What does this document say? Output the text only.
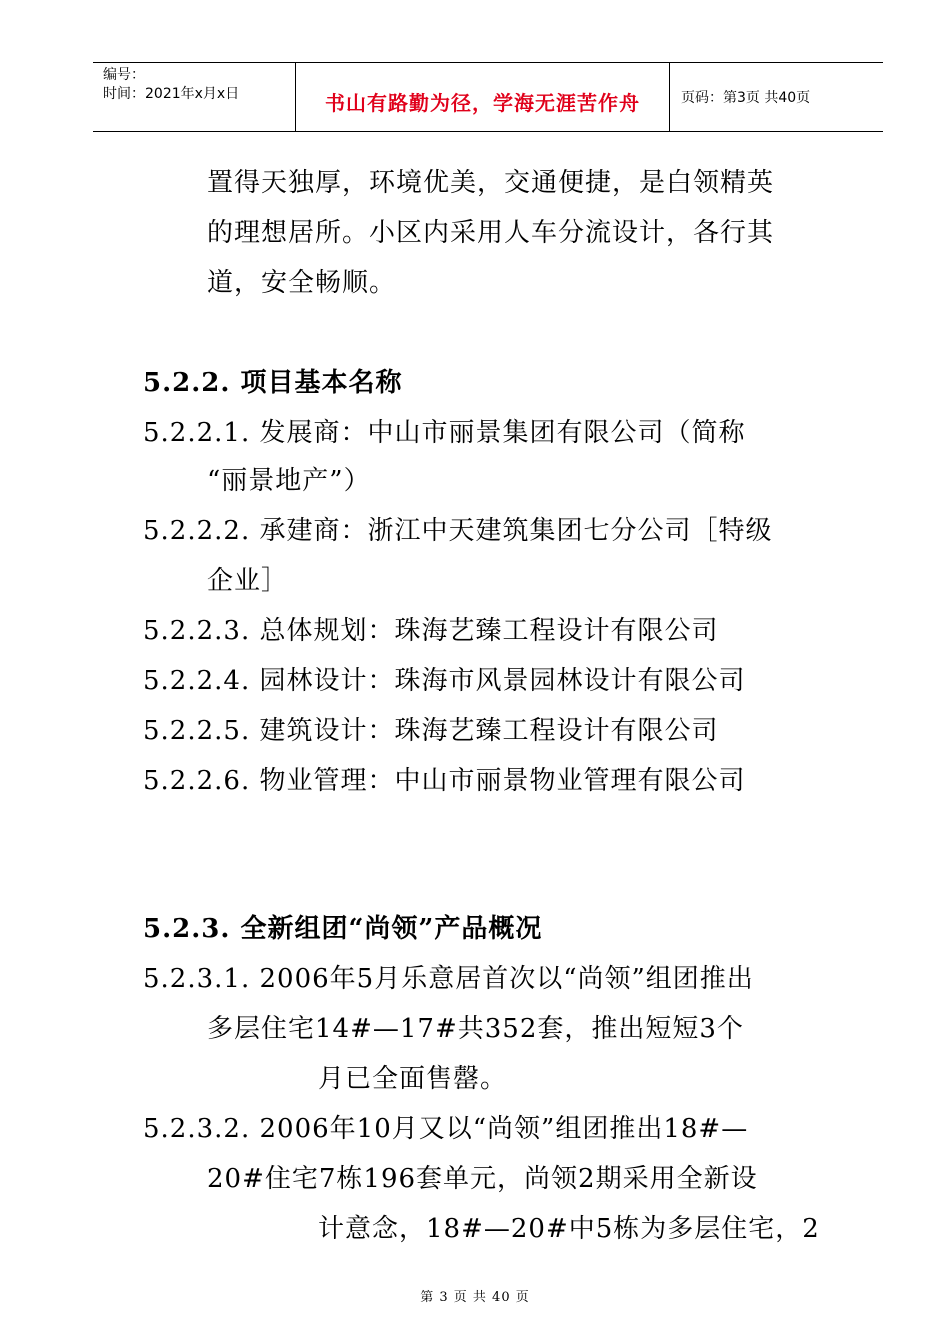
编号：
时间：2021年x月x日	书山有路勤为径，学海无涯苦作舟	页码：第3页 共40页
置得天独厚，环境优美，交通便捷，是白领精英
的理想居所。小区内采用人车分流设计，各行其
道，安全畅顺。
5.2.2. 项目基本名称
5.2.2.1. 发展商：中山市丽景集团有限公司（简称
“丽景地产”）
5.2.2.2. 承建商：浙江中天建筑集团七分公司［特级
企业］
5.2.2.3. 总体规划：珠海艺臻工程设计有限公司
5.2.2.4. 园林设计：珠海市风景园林设计有限公司
5.2.2.5. 建筑设计：珠海艺臻工程设计有限公司
5.2.2.6. 物业管理：中山市丽景物业管理有限公司
5.2.3. 全新组团“尚领”产品概况
5.2.3.1. 2006年5月乐意居首次以“尚领”组团推出
多层住宅14#—17#共352套，推出短短3个
月已全面售罄。
5.2.3.2. 2006年10月又以“尚领”组团推出18#—
20#住宅7栋196套单元，尚领2期采用全新设
计意念，18#—20#中5栋为多层住宅，2
第 3 页 共 40 页
